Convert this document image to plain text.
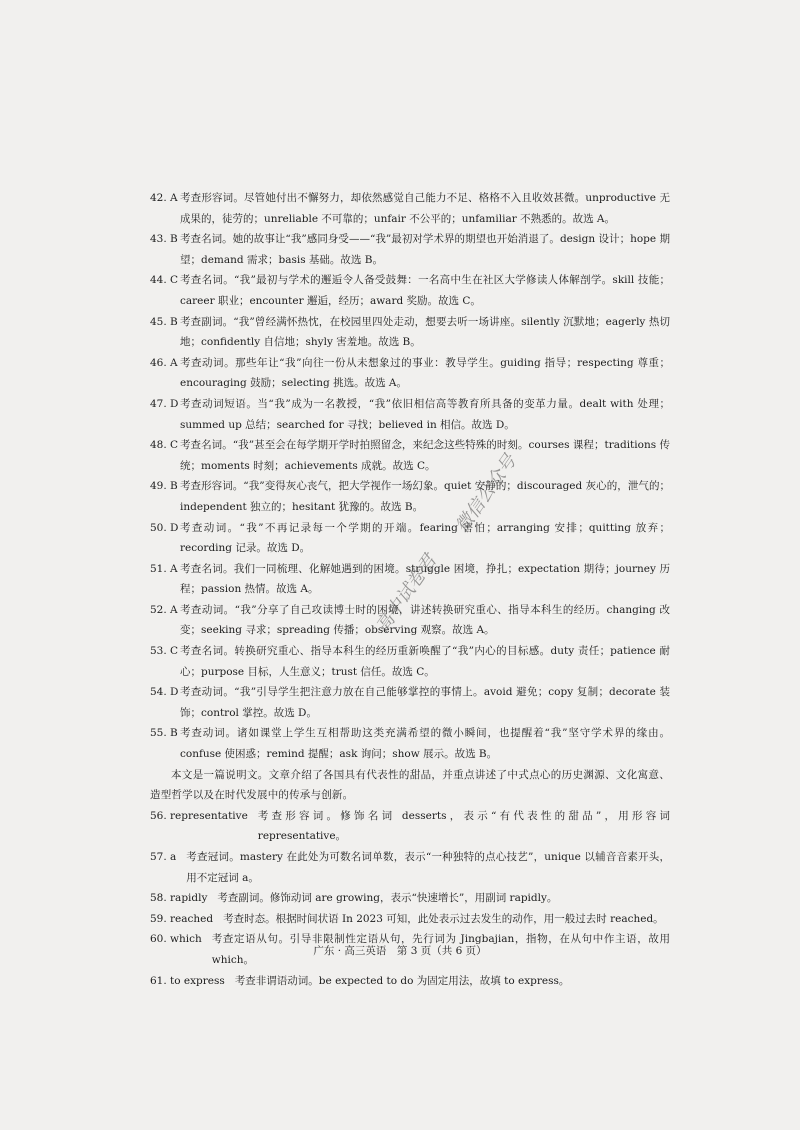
42. A 考查形容词。尽管她付出不懈努力，却依然感觉自己能力不足、格格不入且收效甚微。unproductive 无成果的，徒劳的；unreliable 不可靠的；unfair 不公平的；unfamiliar 不熟悉的。故选 A。
43. B 考查名词。她的故事让“我”感同身受——“我”最初对学术界的期望也开始消退了。design 设计；hope 期望；demand 需求；basis 基础。故选 B。
44. C 考查名词。“我”最初与学术的邂逅令人备受鼓舞：一名高中生在社区大学修读人体解剖学。skill 技能；career 职业；encounter 邂逅，经历；award 奖励。故选 C。
45. B 考查副词。“我”曾经满怀热忱，在校园里四处走动，想要去听一场讲座。silently 沉默地；eagerly 热切地；confidently 自信地；shyly 害羞地。故选 B。
46. A 考查动词。那些年让“我”向往一份从未想象过的事业：教导学生。guiding 指导；respecting 尊重；encouraging 鼓励；selecting 挑选。故选 A。
47. D 考查动词短语。当“我”成为一名教授，“我”依旧相信高等教育所具备的变革力量。dealt with 处理；summed up 总结；searched for 寻找；believed in 相信。故选 D。
48. C 考查名词。“我”甚至会在每学期开学时拍照留念，来纪念这些特殊的时刻。courses 课程；traditions 传统；moments 时刻；achievements 成就。故选 C。
49. B 考查形容词。“我”变得灰心丧气，把大学视作一场幻象。quiet 安静的；discouraged 灰心的，泄气的；independent 独立的；hesitant 犹豫的。故选 B。
50. D 考查动词。“我”不再记录每一个学期的开端。fearing 害怕；arranging 安排；quitting 放弃；recording 记录。故选 D。
51. A 考查名词。我们一同梳理、化解她遇到的困境。struggle 困境，挣扎；expectation 期待；journey 历程；passion 热情。故选 A。
52. A 考查动词。“我”分享了自己攻读博士时的困境，讲述转换研究重心、指导本科生的经历。changing 改变；seeking 寻求；spreading 传播；observing 观察。故选 A。
53. C 考查名词。转换研究重心、指导本科生的经历重新唤醒了“我”内心的目标感。duty 责任；patience 耐心；purpose 目标，人生意义；trust 信任。故选 C。
54. D 考查动词。“我”引导学生把注意力放在自己能够掌控的事情上。avoid 避免；copy 复制；decorate 装饰；control 掌控。故选 D。
55. B 考查动词。诸如课堂上学生互相帮助这类充满希望的微小瞬间，也提醒着“我”坚守学术界的缘由。confuse 使困惑；remind 提醒；ask 询问；show 展示。故选 B。
本文是一篇说明文。文章介绍了各国具有代表性的甜品，并重点讲述了中式点心的历史渊源、文化寓意、造型哲学以及在时代发展中的传承与创新。
56. representative 考查形容词。修饰名词 desserts，表示“有代表性的甜品”，用形容词 representative。
57. a 考查冠词。mastery 在此处为可数名词单数，表示“一种独特的点心技艺”，unique 以辅音音素开头，用不定冠词 a。
58. rapidly 考查副词。修饰动词 are growing，表示“快速增长”，用副词 rapidly。
59. reached 考查时态。根据时间状语 In 2023 可知，此处表示过去发生的动作，用一般过去时 reached。
60. which 考查定语从句。引导非限制性定语从句，先行词为 Jingbajian，指物，在从句中作主语，故用 which。
61. to express 考查非谓语动词。be expected to do 为固定用法，故填 to express。
广东 · 高三英语　第 3 页（共 6 页）
微信公众号
高中试卷君
